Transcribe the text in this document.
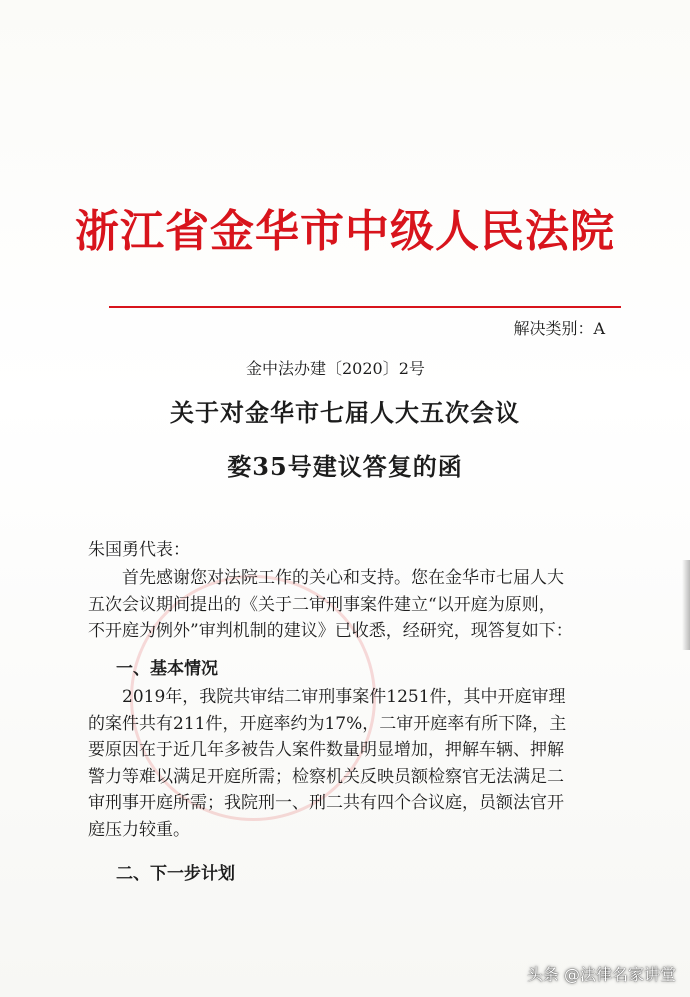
浙江省金华市中级人民法院
解决类别：A
金中法办建〔2020〕2号
关于对金华市七届人大五次会议
婺35号建议答复的函
朱国勇代表：
首先感谢您对法院工作的关心和支持。您在金华市七届人大
五次会议期间提出的《关于二审刑事案件建立“以开庭为原则，
不开庭为例外”审判机制的建议》已收悉，经研究，现答复如下：
一、基本情况
2019年，我院共审结二审刑事案件1251件，其中开庭审理
的案件共有211件，开庭率约为17%，二审开庭率有所下降，主
要原因在于近几年多被告人案件数量明显增加，押解车辆、押解
警力等难以满足开庭所需；检察机关反映员额检察官无法满足二
审刑事开庭所需；我院刑一、刑二共有四个合议庭，员额法官开
庭压力较重。
二、下一步计划
头条 @法律名家讲堂
